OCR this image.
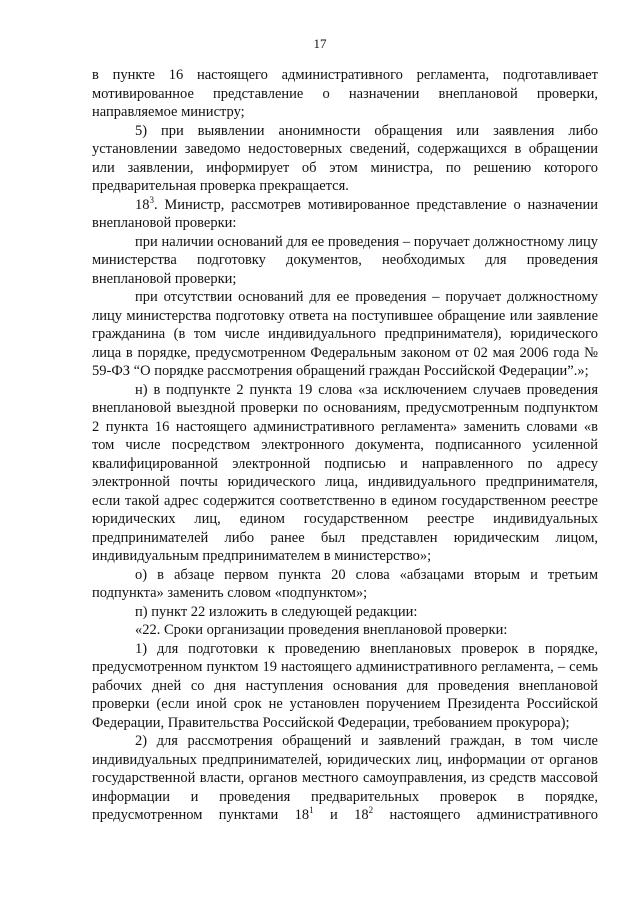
17

в пункте 16 настоящего административного регламента, подготавливает мотивированное представление о назначении внеплановой проверки, направляемое министру;

5) при выявлении анонимности обращения или заявления либо установлении заведомо недостоверных сведений, содержащихся в обращении или заявлении, информирует об этом министра, по решению которого предварительная проверка прекращается.

$18^3$. Министр, рассмотрев мотивированное представление о назначении внеплановой проверки:

при наличии оснований для ее проведения – поручает должностному лицу министерства подготовку документов, необходимых для проведения внеплановой проверки;

при отсутствии оснований для ее проведения – поручает должностному лицу министерства подготовку ответа на поступившее обращение или заявление гражданина (в том числе индивидуального предпринимателя), юридического лица в порядке, предусмотренном Федеральным законом от 02 мая 2006 года № 59-ФЗ “О порядке рассмотрения обращений граждан Российской Федерации”.»;

н) в подпункте 2 пункта 19 слова «за исключением случаев проведения внеплановой выездной проверки по основаниям, предусмотренным подпунктом 2 пункта 16 настоящего административного регламента» заменить словами «в том числе посредством электронного документа, подписанного усиленной квалифицированной электронной подписью и направленного по адресу электронной почты юридического лица, индивидуального предпринимателя, если такой адрес содержится соответственно в едином государственном реестре юридических лиц, едином государственном реестре индивидуальных предпринимателей либо ранее был представлен юридическим лицом, индивидуальным предпринимателем в министерство»;

о) в абзаце первом пункта 20 слова «абзацами вторым и третьим подпункта» заменить словом «подпунктом»;

п) пункт 22 изложить в следующей редакции:

«22. Сроки организации проведения внеплановой проверки:

1) для подготовки к проведению внеплановых проверок в порядке, предусмотренном пунктом 19 настоящего административного регламента, – семь рабочих дней со дня наступления основания для проведения внеплановой проверки (если иной срок не установлен поручением Президента Российской Федерации, Правительства Российской Федерации, требованием прокурора);

2) для рассмотрения обращений и заявлений граждан, в том числе индивидуальных предпринимателей, юридических лиц, информации от органов государственной власти, органов местного самоуправления, из средств массовой информации и проведения предварительных проверок в порядке, предусмотренном пунктами $18^1$ и $18^2$ настоящего административного
